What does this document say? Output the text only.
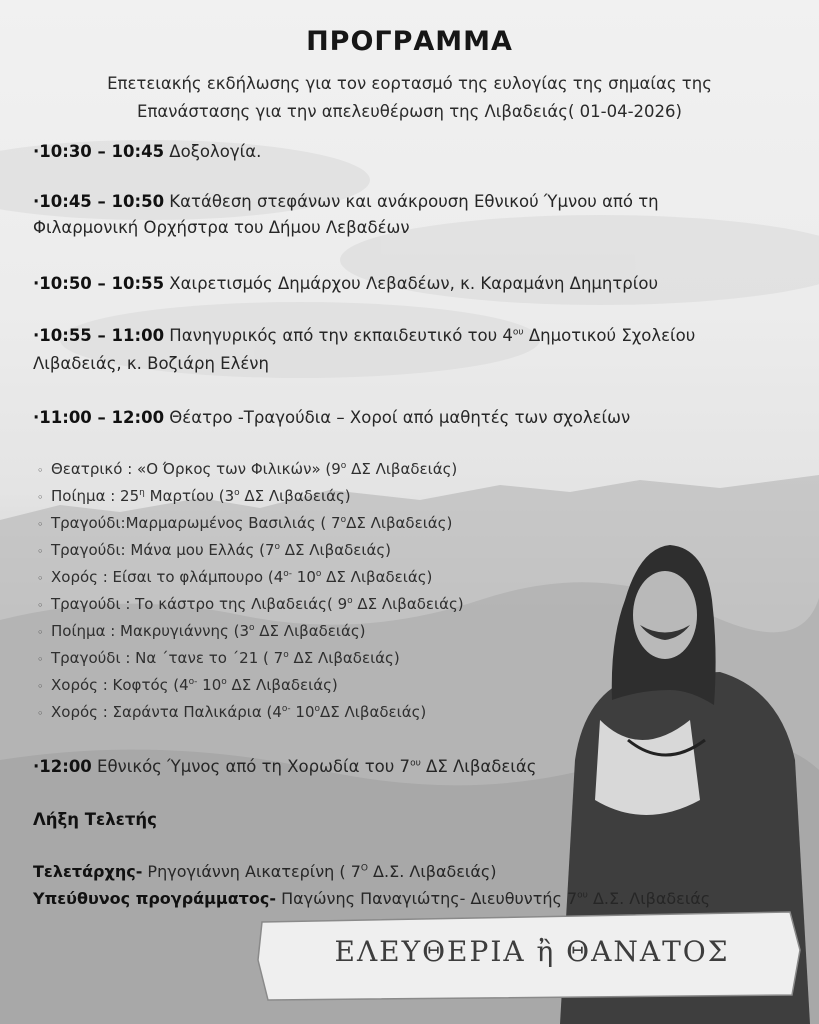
ΠΡΟΓΡΑΜΜΑ
Επετειακής εκδήλωσης για τον εορτασμό της ευλογίας της σημαίας της
Επανάστασης για την απελευθέρωση της Λιβαδειάς( 01-04-2026)
·10:30 – 10:45 Δοξολογία.
·10:45 – 10:50 Κατάθεση στεφάνων και ανάκρουση Εθνικού Ύμνου από τη
Φιλαρμονική Ορχήστρα του Δήμου Λεβαδέων
·10:50 – 10:55 Χαιρετισμός Δημάρχου Λεβαδέων, κ. Καραμάνη Δημητρίου
·10:55 – 11:00 Πανηγυρικός από την εκπαιδευτικό του $4^{o\upsilon}$ Δημοτικού Σχολείου
Λιβαδειάς, κ. Βοζιάρη Ελένη
·11:00 – 12:00 Θέατρο -Τραγούδια – Χοροί από μαθητές των σχολείων
◦ Θεατρικό : «Ο Όρκος των Φιλικών» ($9^o$ ΔΣ Λιβαδειάς)
◦ Ποίημα : $25^\eta$ Μαρτίου ($3^o$ ΔΣ Λιβαδειάς)
◦ Τραγούδι:Μαρμαρωμένος Βασιλιάς ( $7^o\Delta\Sigma$ Λιβαδειάς)
◦ Τραγούδι: Μάνα μου Ελλάς ($7^o$ ΔΣ Λιβαδειάς)
◦ Χορός : Είσαι το φλάμπουρο ($4^{o-}$ $10^o$ ΔΣ Λιβαδειάς)
◦ Τραγούδι : Το κάστρο της Λιβαδειάς( $9^o$ ΔΣ Λιβαδειάς)
◦ Ποίημα : Μακρυγιάννης ($3^o$ ΔΣ Λιβαδειάς)
◦ Τραγούδι : Να ΄τανε το ΄21 ( $7^o$ ΔΣ Λιβαδειάς)
◦ Χορός : Κοφτός ($4^{o-}$ $10^o$ ΔΣ Λιβαδειάς)
◦ Χορός : Σαράντα Παλικάρια ($4^{o-}$ $10^o\Delta\Sigma$ Λιβαδειάς)
·12:00 Εθνικός Ύμνος από τη Χορωδία του $7^{o\upsilon}$ ΔΣ Λιβαδειάς
Λήξη Τελετής
Τελετάρχης- Ρηγογιάννη Αικατερίνη ( $7^O$ Δ.Σ. Λιβαδειάς)
Υπεύθυνος προγράμματος- Παγώνης Παναγιώτης- Διευθυντής $7^{o\upsilon}$ Δ.Σ. Λιβαδειάς
ΕΛΕΥΘΕΡΙΑ ἢ ΘΑΝΑΤΟΣ
